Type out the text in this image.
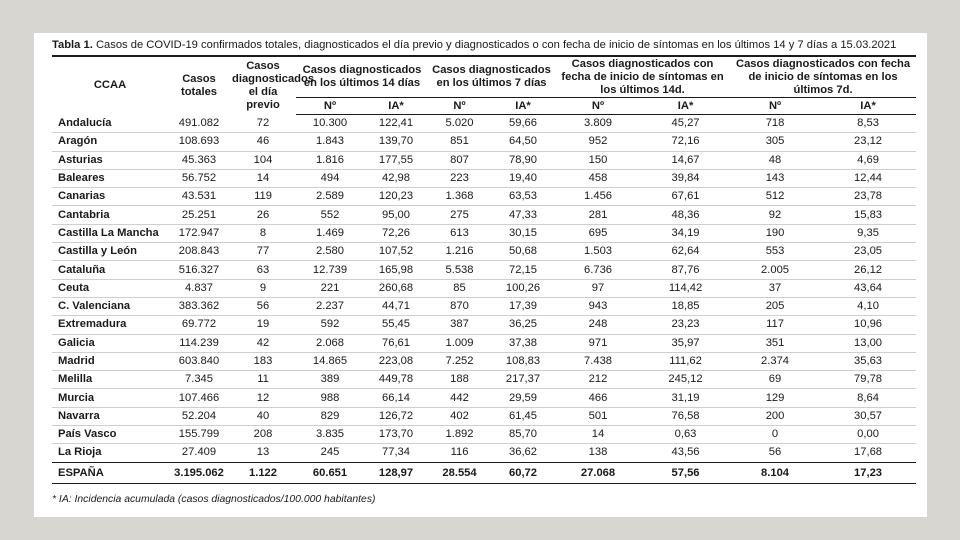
Tabla 1. Casos de COVID-19 confirmados totales, diagnosticados el día previo y diagnosticados o con fecha de inicio de síntomas en los últimos 14 y 7 días a 15.03.2021
CCAA	Casos totales	Casos diagnosticados el día previo	Casos diagnosticados en los últimos 14 días		Casos diagnosticados en los últimos 7 días		Casos diagnosticados con fecha de inicio de síntomas en los últimos 14d.		Casos diagnosticados con fecha de inicio de síntomas en los últimos 7d.	
			Nº	IA*	Nº	IA*	Nº	IA*	Nº	IA*
Andalucía	491.082	72	10.300	122,41	5.020	59,66	3.809	45,27	718	8,53
Aragón	108.693	46	1.843	139,70	851	64,50	952	72,16	305	23,12
Asturias	45.363	104	1.816	177,55	807	78,90	150	14,67	48	4,69
Baleares	56.752	14	494	42,98	223	19,40	458	39,84	143	12,44
Canarias	43.531	119	2.589	120,23	1.368	63,53	1.456	67,61	512	23,78
Cantabria	25.251	26	552	95,00	275	47,33	281	48,36	92	15,83
Castilla La Mancha	172.947	8	1.469	72,26	613	30,15	695	34,19	190	9,35
Castilla y León	208.843	77	2.580	107,52	1.216	50,68	1.503	62,64	553	23,05
Cataluña	516.327	63	12.739	165,98	5.538	72,15	6.736	87,76	2.005	26,12
Ceuta	4.837	9	221	260,68	85	100,26	97	114,42	37	43,64
C. Valenciana	383.362	56	2.237	44,71	870	17,39	943	18,85	205	4,10
Extremadura	69.772	19	592	55,45	387	36,25	248	23,23	117	10,96
Galicia	114.239	42	2.068	76,61	1.009	37,38	971	35,97	351	13,00
Madrid	603.840	183	14.865	223,08	7.252	108,83	7.438	111,62	2.374	35,63
Melilla	7.345	11	389	449,78	188	217,37	212	245,12	69	79,78
Murcia	107.466	12	988	66,14	442	29,59	466	31,19	129	8,64
Navarra	52.204	40	829	126,72	402	61,45	501	76,58	200	30,57
País Vasco	155.799	208	3.835	173,70	1.892	85,70	14	0,63	0	0,00
La Rioja	27.409	13	245	77,34	116	36,62	138	43,56	56	17,68
ESPAÑA	3.195.062	1.122	60.651	128,97	28.554	60,72	27.068	57,56	8.104	17,23
* IA: Incidencia acumulada (casos diagnosticados/100.000 habitantes)
